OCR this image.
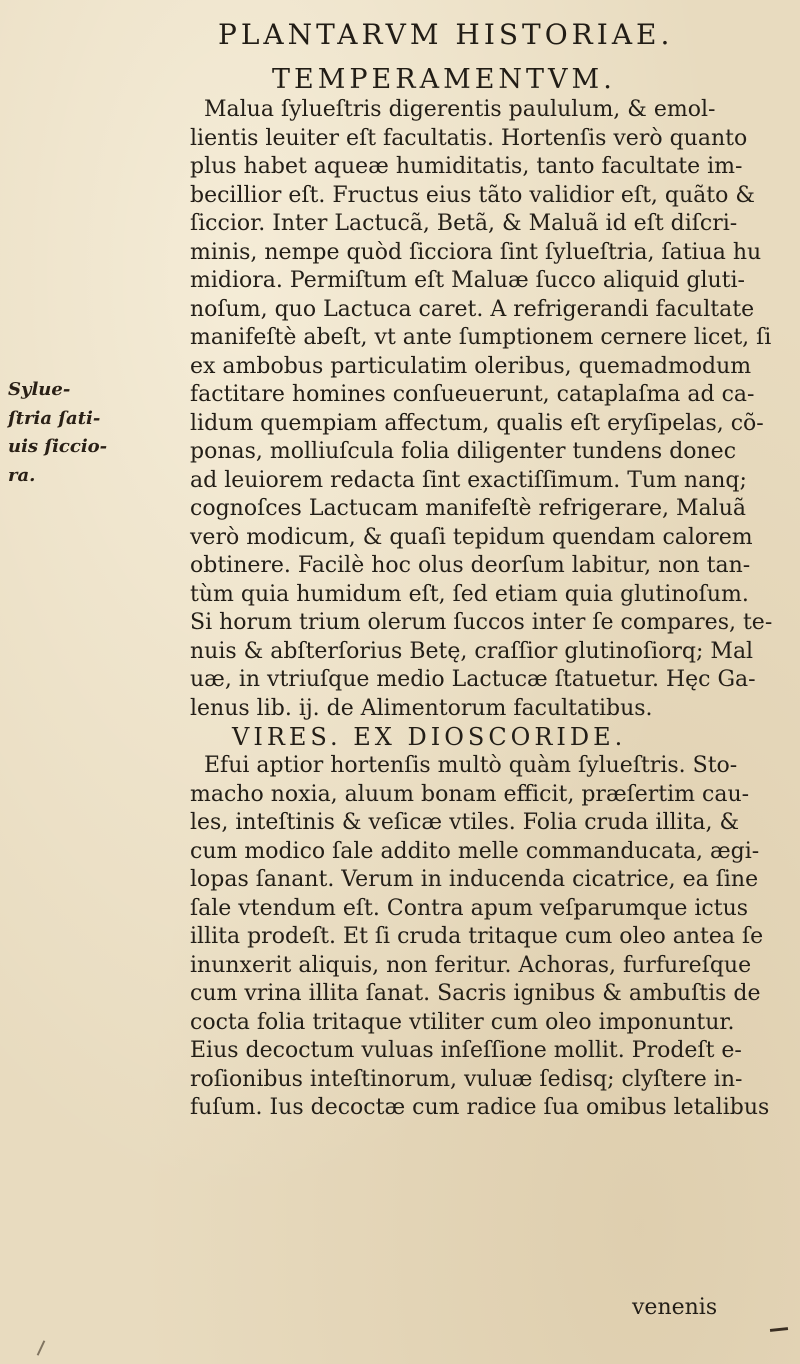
PLANTARVM HISTORIAE.
TEMPERAMENTVM.
Sylue-
ſtria ſati-
uis ſiccio-
ra.
Malua ſylueſtris digerentis paululum, & emol-
lientis leuiter eſt facultatis. Hortenſis verò quanto
plus habet aqueæ humiditatis, tanto facultate im-
becillior eſt. Fructus eius tãto validior eſt, quãto &
ſiccior. Inter Lactucã, Betã, & Maluã id eſt diſcri-
minis, nempe quòd ſicciora ſint ſylueſtria, ſatiua hu
midiora. Permiſtum eſt Maluæ ſucco aliquid gluti-
noſum, quo Lactuca caret. A refrigerandi facultate
manifeſtè abeſt, vt ante ſumptionem cernere licet, ſi
ex ambobus particulatim oleribus, quemadmodum
factitare homines conſueuerunt, cataplaſma ad ca-
lidum quempiam affectum, qualis eſt eryſipelas, cõ-
ponas, molliuſcula folia diligenter tundens donec
ad leuiorem redacta ſint exactiſſimum. Tum nanq;
cognoſces Lactucam manifeſtè refrigerare, Maluã
verò modicum, & quaſi tepidum quendam calorem
obtinere. Facilè hoc olus deorſum labitur, non tan-
tùm quia humidum eſt, ſed etiam quia glutinoſum.
Si horum trium olerum ſuccos inter ſe compares, te-
nuis & abſterſorius Betę, craſſior glutinoſiorq; Mal
uæ, in vtriuſque medio Lactucæ ſtatuetur. Hęc Ga-
lenus lib. ij. de Alimentorum facultatibus.
VIRES. EX DIOSCORIDE.
Efui aptior hortenſis multò quàm ſylueſtris. Sto-
macho noxia, aluum bonam efficit, præſertim cau-
les, inteſtinis & veſicæ vtiles. Folia cruda illita, &
cum modico ſale addito melle commanducata, ægi-
lopas ſanant. Verum in inducenda cicatrice, ea ſine
ſale vtendum eſt. Contra apum veſparumque ictus
illita prodeſt. Et ſi cruda tritaque cum oleo antea ſe
inunxerit aliquis, non feritur. Achoras, furfureſque
cum vrina illita ſanat. Sacris ignibus & ambuſtis de
cocta folia tritaque vtiliter cum oleo imponuntur.
Eius decoctum vuluas inſeſſione mollit. Prodeſt e-
roſionibus inteſtinorum, vuluæ ſedisq; clyſtere in-
fuſum. Ius decoctæ cum radice ſua omibus letalibus
venenis
